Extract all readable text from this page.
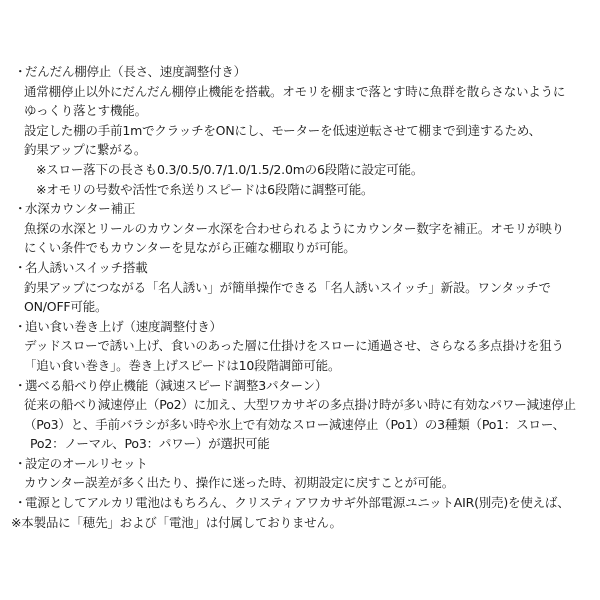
・だんだん棚停止（長さ、速度調整付き）
通常棚停止以外にだんだん棚停止機能を搭載。オモリを棚まで落とす時に魚群を散らさないように
ゆっくり落とす機能。
設定した棚の手前1mでクラッチをONにし、モーターを低速逆転させて棚まで到達するため、
釣果アップに繋がる。
※スロー落下の長さも0.3/0.5/0.7/1.0/1.5/2.0mの6段階に設定可能。
※オモリの号数や活性で糸送りスピードは6段階に調整可能。
・水深カウンター補正
魚探の水深とリールのカウンター水深を合わせられるようにカウンター数字を補正。オモリが映り
にくい条件でもカウンターを見ながら正確な棚取りが可能。
・名人誘いスイッチ搭載
釣果アップにつながる「名人誘い」が簡単操作できる「名人誘いスイッチ」新設。ワンタッチで
ON/OFF可能。
・追い食い巻き上げ（速度調整付き）
デッドスローで誘い上げ、食いのあった層に仕掛けをスローに通過させ、さらなる多点掛けを狙う
「追い食い巻き」。巻き上げスピードは10段階調節可能。
・選べる船べり停止機能（減速スピード調整3パターン）
従来の船べり減速停止（Po2）に加え、大型ワカサギの多点掛け時が多い時に有効なパワー減速停止
（Po3）と、手前バラシが多い時や氷上で有効なスロー減速停止（Po1）の3種類（Po1：スロー、
Po2：ノーマル、Po3：パワー）が選択可能
・設定のオールリセット
カウンター誤差が多く出たり、操作に迷った時、初期設定に戻すことが可能。
・電源としてアルカリ電池はもちろん、クリスティアワカサギ外部電源ユニットAIR(別売)を使えば、
※本製品に「穂先」および「電池」は付属しておりません。
